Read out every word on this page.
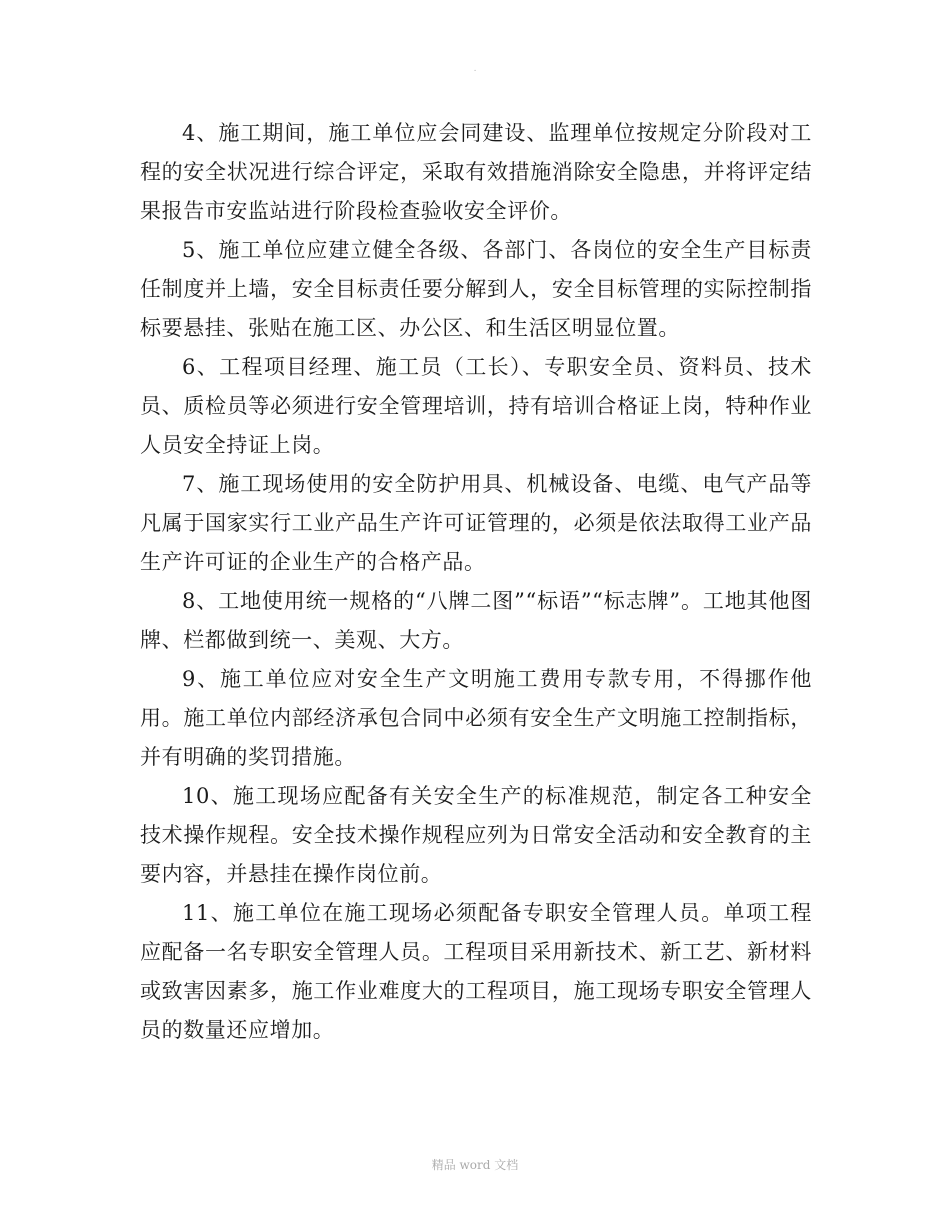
.

4、施工期间，施工单位应会同建设、监理单位按规定分阶段对工程的安全状况进行综合评定，采取有效措施消除安全隐患，并将评定结果报告市安监站进行阶段检查验收安全评价。

5、施工单位应建立健全各级、各部门、各岗位的安全生产目标责任制度并上墙，安全目标责任要分解到人，安全目标管理的实际控制指标要悬挂、张贴在施工区、办公区、和生活区明显位置。

6、工程项目经理、施工员（工长）、专职安全员、资料员、技术员、质检员等必须进行安全管理培训，持有培训合格证上岗，特种作业人员安全持证上岗。

7、施工现场使用的安全防护用具、机械设备、电缆、电气产品等凡属于国家实行工业产品生产许可证管理的，必须是依法取得工业产品生产许可证的企业生产的合格产品。

8、工地使用统一规格的“八牌二图”“标语”“标志牌”。工地其他图牌、栏都做到统一、美观、大方。

9、施工单位应对安全生产文明施工费用专款专用，不得挪作他用。施工单位内部经济承包合同中必须有安全生产文明施工控制指标，并有明确的奖罚措施。

10、施工现场应配备有关安全生产的标准规范，制定各工种安全技术操作规程。安全技术操作规程应列为日常安全活动和安全教育的主要内容，并悬挂在操作岗位前。

11、施工单位在施工现场必须配备专职安全管理人员。单项工程应配备一名专职安全管理人员。工程项目采用新技术、新工艺、新材料或致害因素多，施工作业难度大的工程项目，施工现场专职安全管理人员的数量还应增加。

精品 word 文档
